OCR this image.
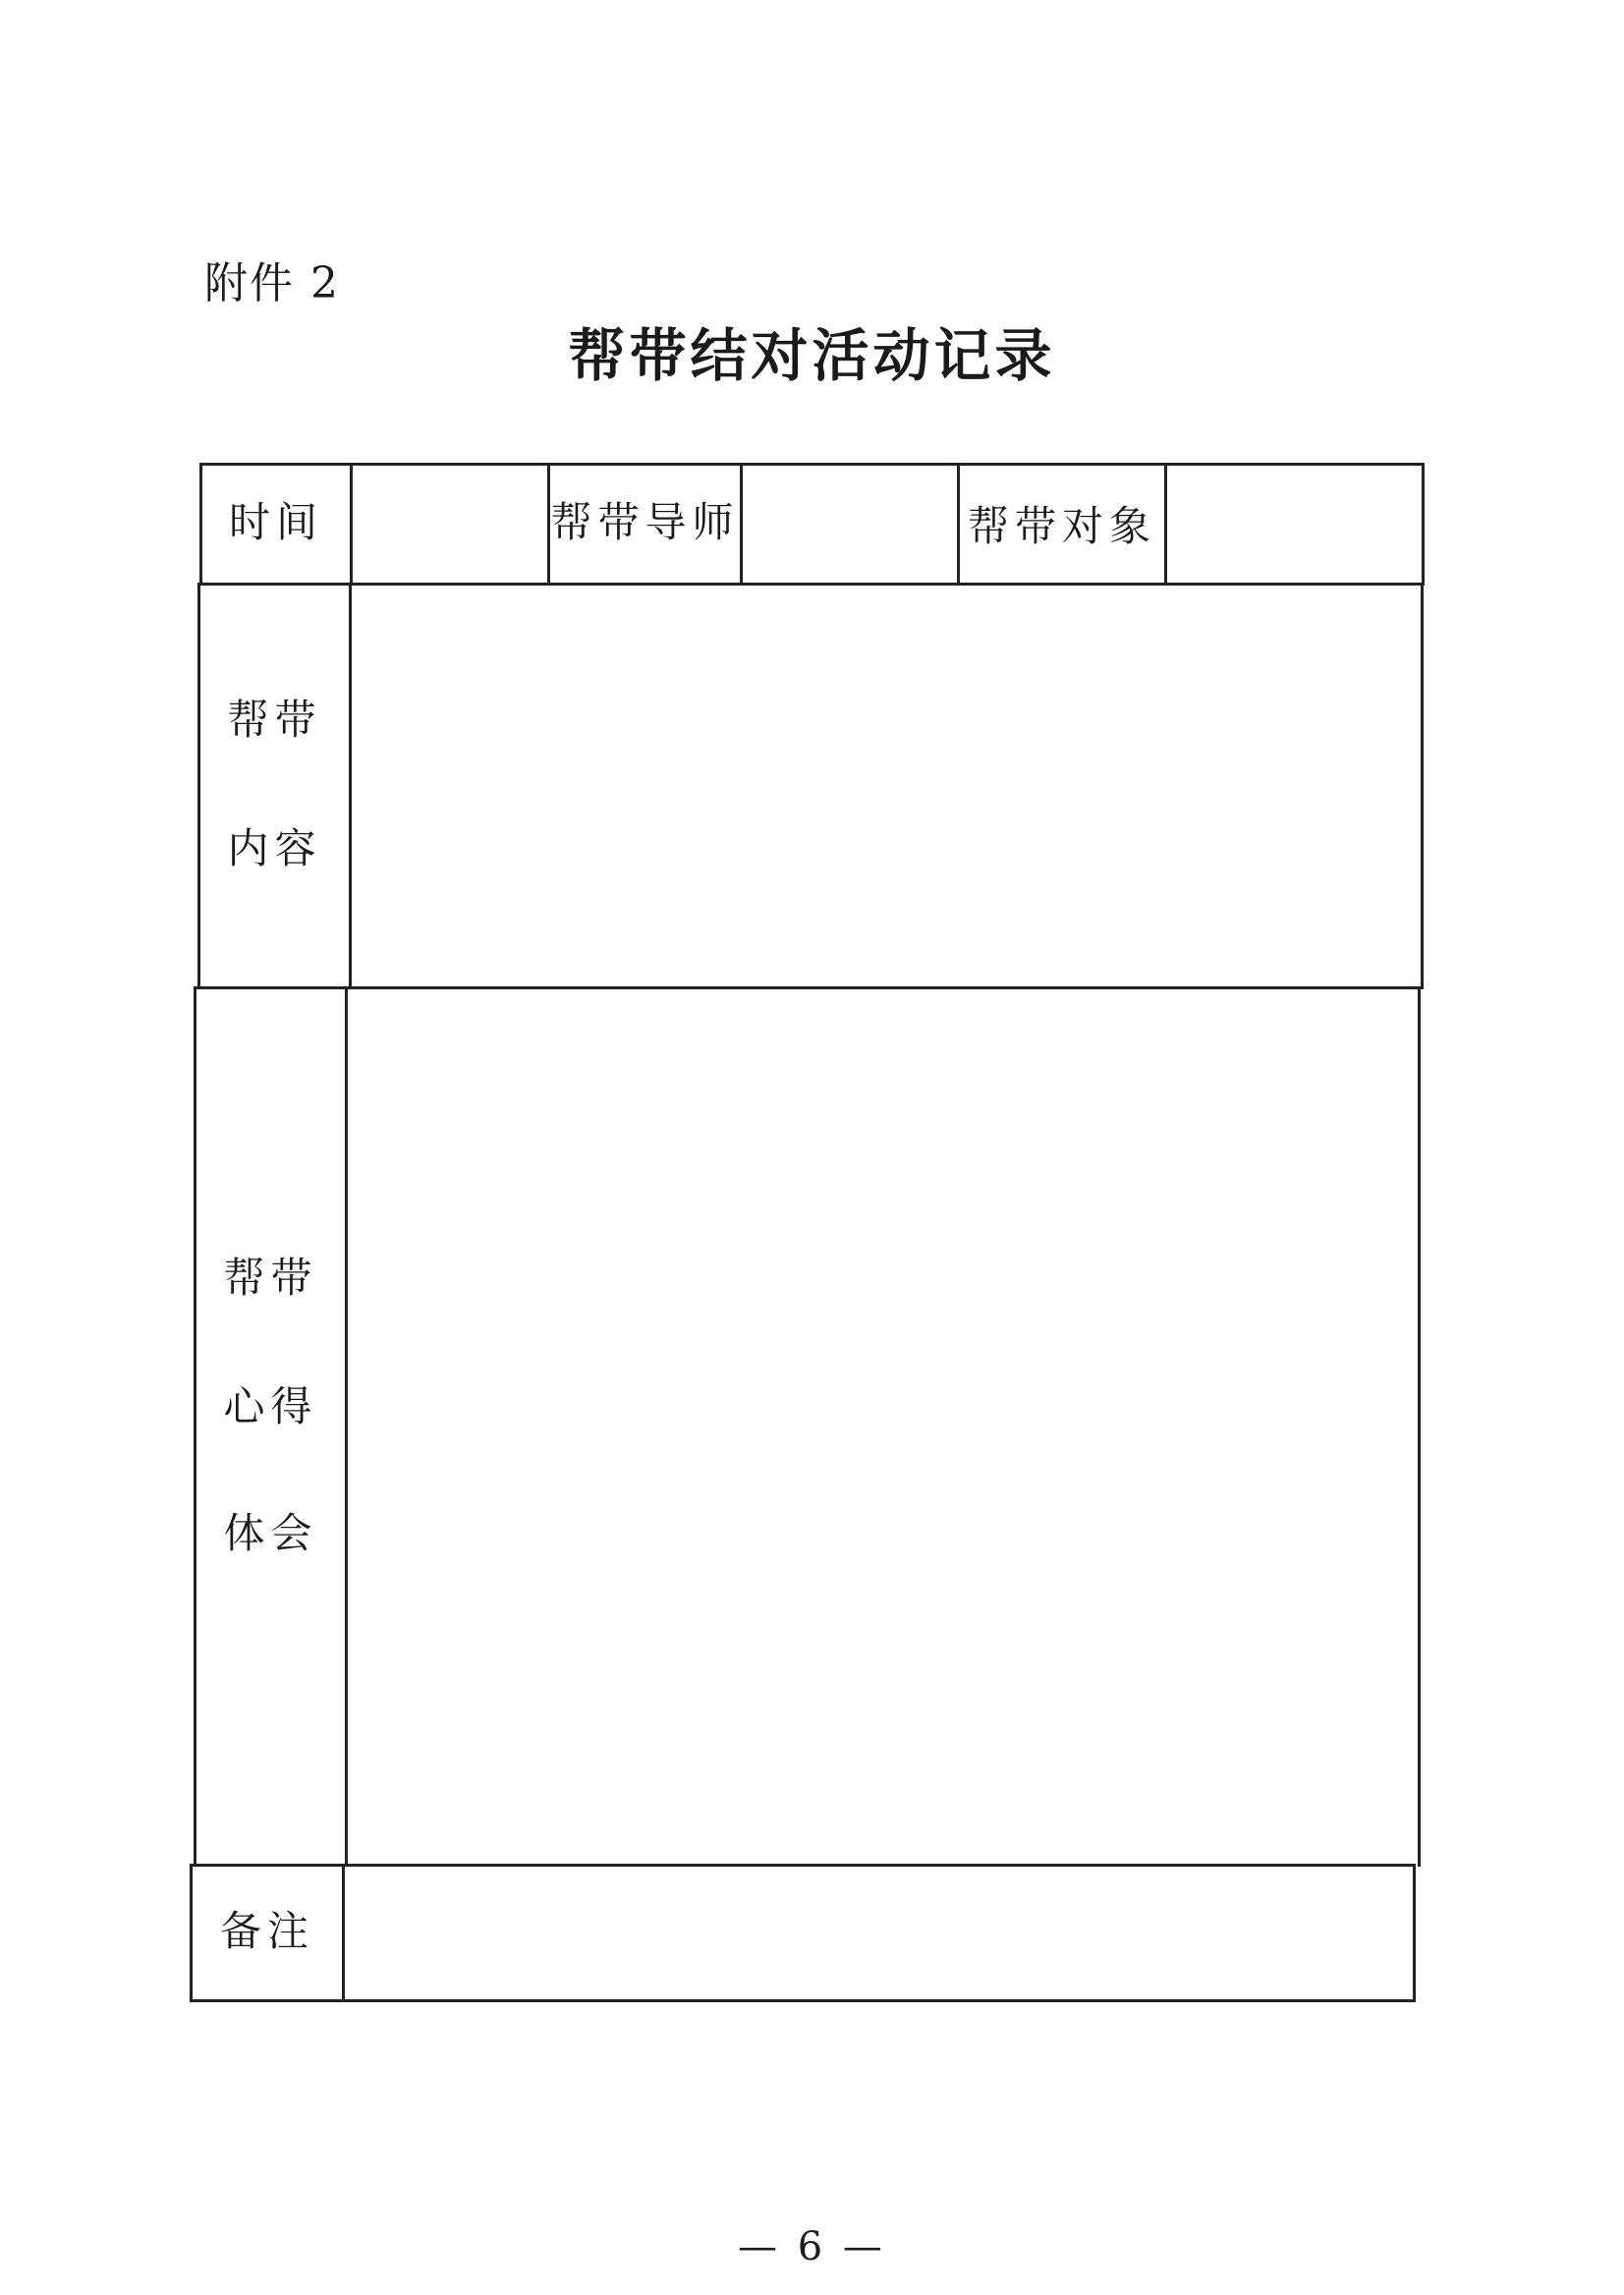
附件 2
帮带结对活动记录
时间	帮带导师	帮带对象
帮带
内容
帮带
心得
体会
备注
— 6 —
